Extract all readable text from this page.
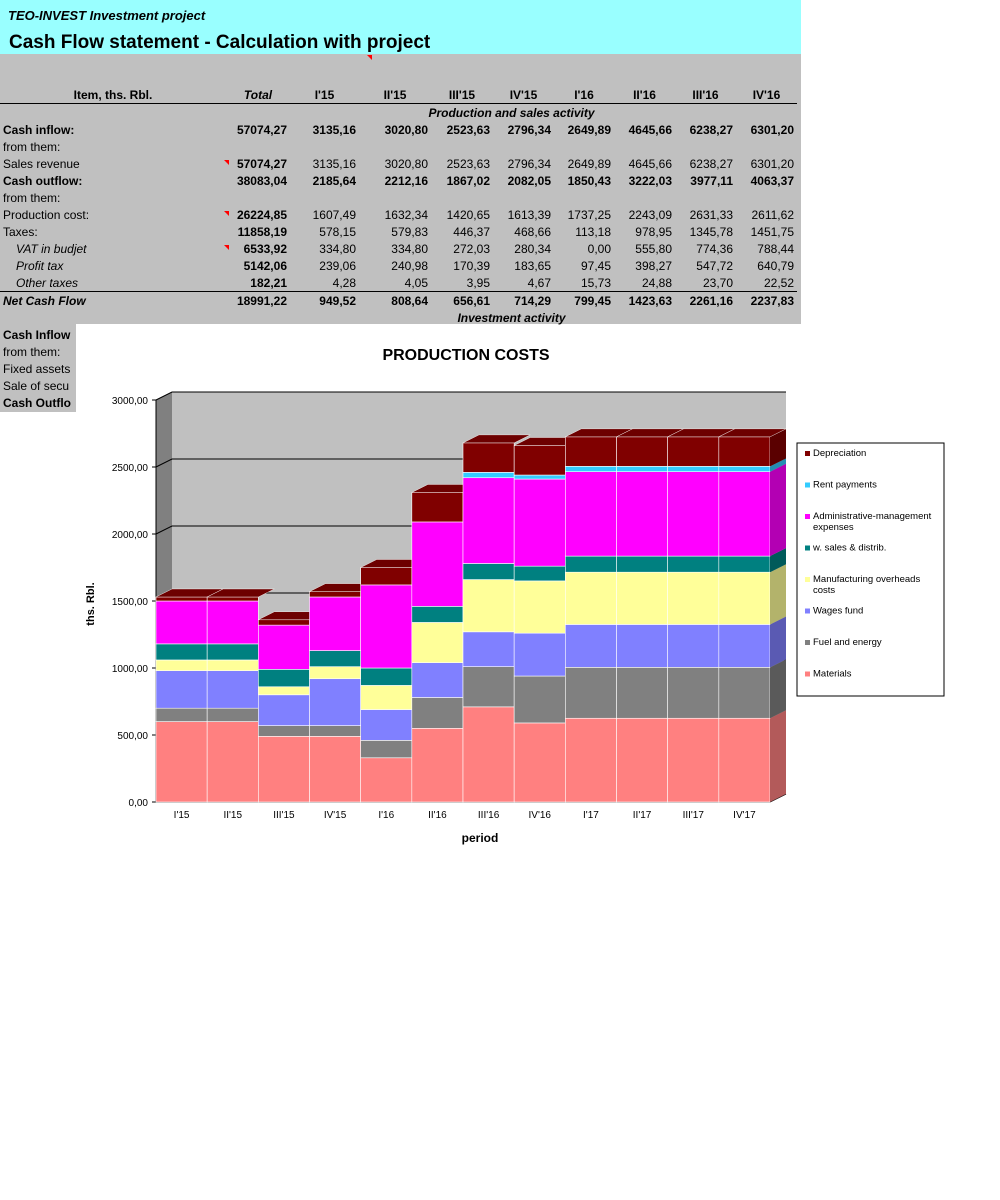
TEO-INVEST Investment project
Cash Flow statement - Calculation with project
Item, ths. Rbl.	Total	I'15	II'15	III'15	IV'15	I'16	II'16	III'16	IV'16
	Production and sales activity								
Cash inflow:	57074,27	3135,16	3020,80	2523,63	2796,34	2649,89	4645,66	6238,27	6301,20
from them:									
Sales revenue	57074,27	3135,16	3020,80	2523,63	2796,34	2649,89	4645,66	6238,27	6301,20
Cash outflow:	38083,04	2185,64	2212,16	1867,02	2082,05	1850,43	3222,03	3977,11	4063,37
from them:									
Production cost:	26224,85	1607,49	1632,34	1420,65	1613,39	1737,25	2243,09	2631,33	2611,62
Taxes:	11858,19	578,15	579,83	446,37	468,66	113,18	978,95	1345,78	1451,75
VAT in budjet	6533,92	334,80	334,80	272,03	280,34	0,00	555,80	774,36	788,44
Profit tax	5142,06	239,06	240,98	170,39	183,65	97,45	398,27	547,72	640,79
Other taxes	182,21	4,28	4,05	3,95	4,67	15,73	24,88	23,70	22,52
Net Cash Flow	18991,22	949,52	808,64	656,61	714,29	799,45	1423,63	2261,16	2237,83
	Investment activity								
Cash Inflow
from them:
Fixed assets
Sale of secu
Cash Outflo
PRODUCTION COSTS
period
ths. Rbl.
0,00
500,00
1000,00
1500,00
2000,00
2500,00
3000,00
I'15	II'15	III'15	IV'15	I'16	II'16	III'16	IV'16	I'17	II'17	III'17	IV'17
Depreciation
Rent payments
Administrative-management
expenses
w. sales & distrib.
Manufacturing overheads
costs
Wages fund
Fuel and energy
Materials
